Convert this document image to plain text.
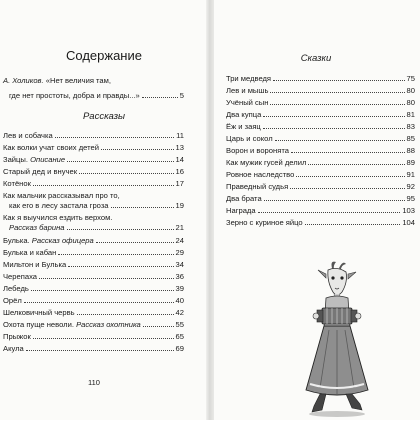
Содержание
А. Холиков. «Нет величия там,
где нет простоты, добра и правды...»	5
Рассказы
Лев и собачка	11
Как волки учат своих детей	13
Зайцы. Описание	14
Старый дед и внучек	16
Котёнок	17
Как мальчик рассказывал про то,
как его в лесу застала гроза	19
Как я выучился ездить верхом.
Рассказ барина	21
Булька. Рассказ офицера	24
Булька и кабан	29
Мильтон и Булька	34
Черепаха	36
Лебедь	39
Орёл	40
Шелковичный червь	42
Охота пуще неволи. Рассказ охотника	55
Прыжок	65
Акула	69
110
Сказки
Три медведя	75
Лев и мышь	80
Учёный сын	80
Два купца	81
Ёж и заяц	83
Царь и сокол	85
Ворон и воронята	88
Как мужик гусей делил	89
Ровное наследство	91
Праведный судья	92
Два брата	95
Награда	103
Зерно с куриное яйцо	104
